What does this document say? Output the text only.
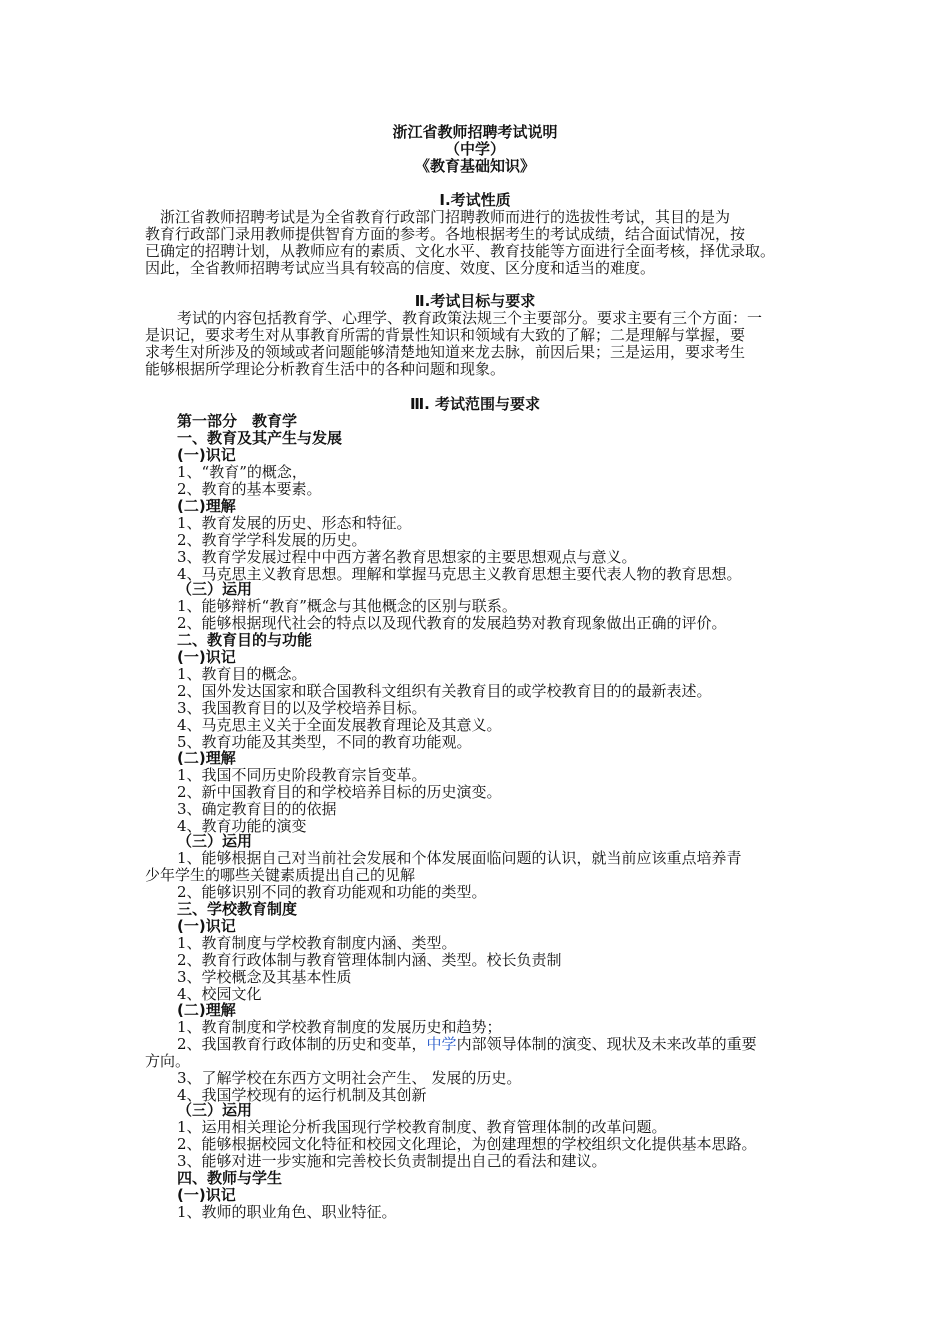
浙江省教师招聘考试说明
（中学）
《教育基础知识》
Ⅰ.考试性质
浙江省教师招聘考试是为全省教育行政部门招聘教师而进行的选拔性考试，其目的是为
教育行政部门录用教师提供智育方面的参考。各地根据考生的考试成绩，结合面试情况，按
已确定的招聘计划，从教师应有的素质、文化水平、教育技能等方面进行全面考核，择优录取。
因此，全省教师招聘考试应当具有较高的信度、效度、区分度和适当的难度。
Ⅱ.考试目标与要求
考试的内容包括教育学、心理学、教育政策法规三个主要部分。要求主要有三个方面：一
是识记，要求考生对从事教育所需的背景性知识和领域有大致的了解；二是理解与掌握，要
求考生对所涉及的领域或者问题能够清楚地知道来龙去脉，前因后果；三是运用，要求考生
能够根据所学理论分析教育生活中的各种问题和现象。
Ⅲ. 考试范围与要求
第一部分　教育学
一、教育及其产生与发展
(一)识记
1、“教育”的概念，
2、教育的基本要素。
(二)理解
1、教育发展的历史、形态和特征。
2、教育学学科发展的历史。
3、教育学发展过程中中西方著名教育思想家的主要思想观点与意义。
4、马克思主义教育思想。理解和掌握马克思主义教育思想主要代表人物的教育思想。
（三）运用
1、能够辩析“教育”概念与其他概念的区别与联系。
2、能够根据现代社会的特点以及现代教育的发展趋势对教育现象做出正确的评价。
二、教育目的与功能
(一)识记
1、教育目的概念。
2、国外发达国家和联合国教科文组织有关教育目的或学校教育目的的最新表述。
3、我国教育目的以及学校培养目标。
4、马克思主义关于全面发展教育理论及其意义。
5、教育功能及其类型，不同的教育功能观。
(二)理解
1、我国不同历史阶段教育宗旨变革。
2、新中国教育目的和学校培养目标的历史演变。
3、确定教育目的的依据
4、教育功能的演变
（三）运用
1、能够根据自己对当前社会发展和个体发展面临问题的认识，就当前应该重点培养青
少年学生的哪些关键素质提出自己的见解
2、能够识别不同的教育功能观和功能的类型。
三、学校教育制度
(一)识记
1、教育制度与学校教育制度内涵、类型。
2、教育行政体制与教育管理体制内涵、类型。校长负责制
3、学校概念及其基本性质
4、校园文化
(二)理解
1、教育制度和学校教育制度的发展历史和趋势；
2、我国教育行政体制的历史和变革，中学内部领导体制的演变、现状及未来改革的重要
方向。
3、了解学校在东西方文明社会产生、 发展的历史。
4、我国学校现有的运行机制及其创新
（三）运用
1、运用相关理论分析我国现行学校教育制度、教育管理体制的改革问题。
2、能够根据校园文化特征和校园文化理论，为创建理想的学校组织文化提供基本思路。
3、能够对进一步实施和完善校长负责制提出自己的看法和建议。
四、教师与学生
(一)识记
1、教师的职业角色、职业特征。
